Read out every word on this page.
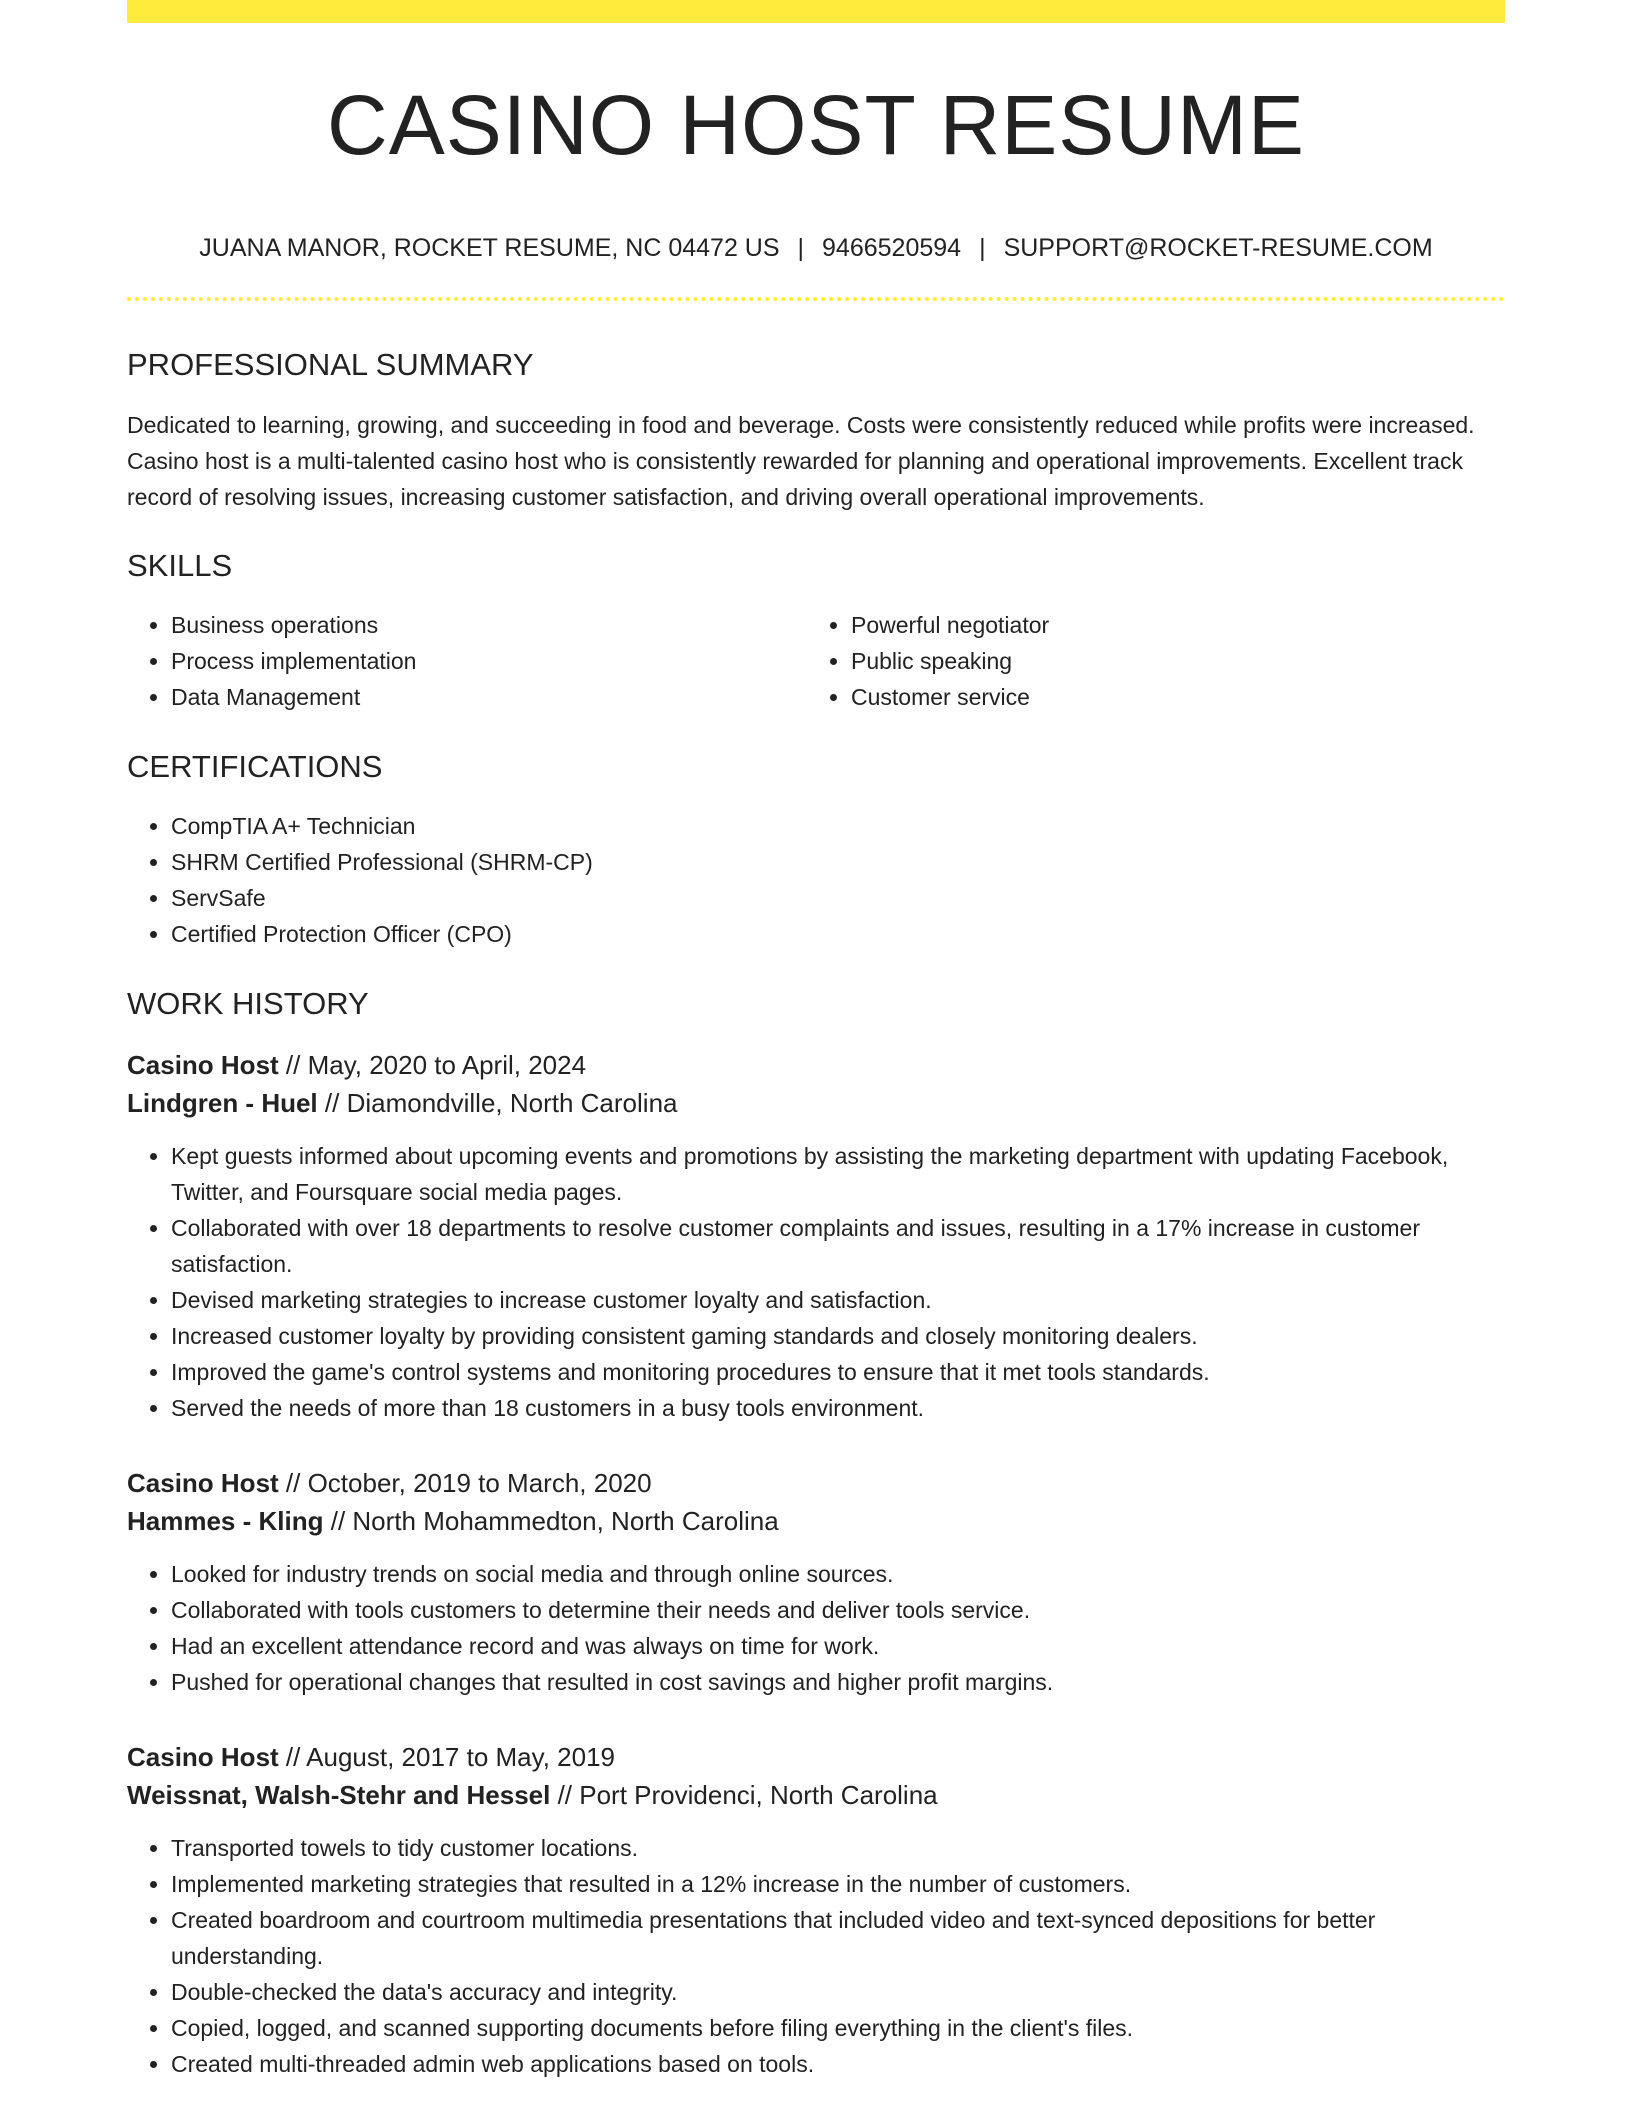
CASINO HOST RESUME
JUANA MANOR, ROCKET RESUME, NC 04472 US | 9466520594 | SUPPORT@ROCKET-RESUME.COM
PROFESSIONAL SUMMARY

Dedicated to learning, growing, and succeeding in food and beverage. Costs were consistently reduced while profits were increased. Casino host is a multi-talented casino host who is consistently rewarded for planning and operational improvements. Excellent track record of resolving issues, increasing customer satisfaction, and driving overall operational improvements.

SKILLS
• Business operations
• Process implementation
• Data Management
• Powerful negotiator
• Public speaking
• Customer service
CERTIFICATIONS
• CompTIA A+ Technician
• SHRM Certified Professional (SHRM-CP)
• ServSafe
• Certified Protection Officer (CPO)
WORK HISTORY
Casino Host // May, 2020 to April, 2024
Lindgren - Huel // Diamondville, North Carolina
• Kept guests informed about upcoming events and promotions by assisting the marketing department with updating Facebook, Twitter, and Foursquare social media pages.
• Collaborated with over 18 departments to resolve customer complaints and issues, resulting in a 17% increase in customer satisfaction.
• Devised marketing strategies to increase customer loyalty and satisfaction.
• Increased customer loyalty by providing consistent gaming standards and closely monitoring dealers.
• Improved the game's control systems and monitoring procedures to ensure that it met tools standards.
• Served the needs of more than 18 customers in a busy tools environment.
Casino Host // October, 2019 to March, 2020
Hammes - Kling // North Mohammedton, North Carolina
• Looked for industry trends on social media and through online sources.
• Collaborated with tools customers to determine their needs and deliver tools service.
• Had an excellent attendance record and was always on time for work.
• Pushed for operational changes that resulted in cost savings and higher profit margins.
Casino Host // August, 2017 to May, 2019
Weissnat, Walsh-Stehr and Hessel // Port Providenci, North Carolina
• Transported towels to tidy customer locations.
• Implemented marketing strategies that resulted in a 12% increase in the number of customers.
• Created boardroom and courtroom multimedia presentations that included video and text-synced depositions for better understanding.
• Double-checked the data's accuracy and integrity.
• Copied, logged, and scanned supporting documents before filing everything in the client's files.
• Created multi-threaded admin web applications based on tools.
